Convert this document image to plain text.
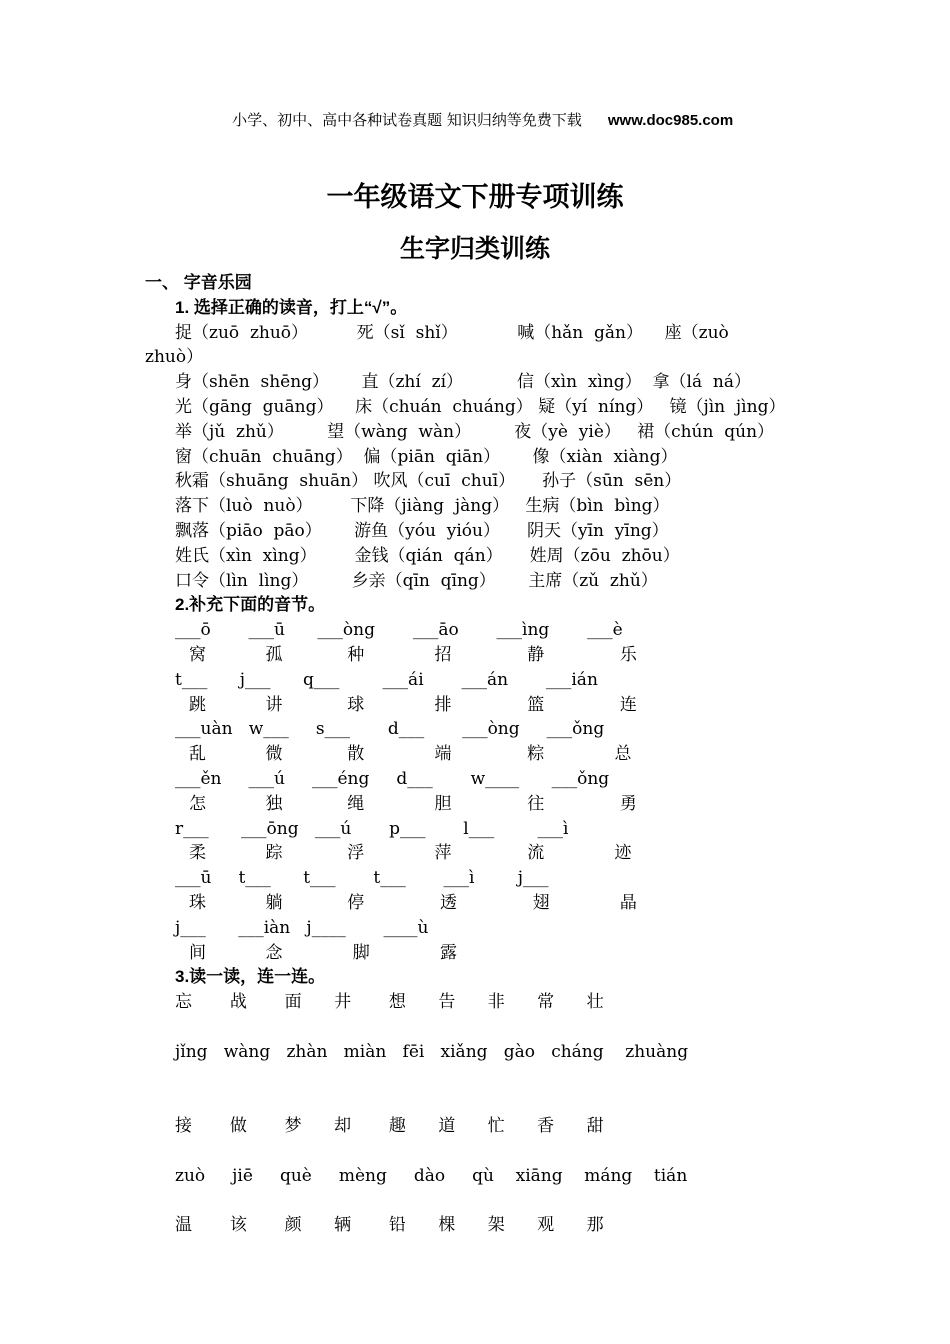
小学、初中、高中各种试卷真题 知识归纳等免费下载 www.doc985.com

一年级语文下册专项训练
生字归类训练
一、 字音乐园
1. 选择正确的读音，打上“√”。
捉（zuō  zhuō）         死（sǐ  shǐ）           喊（hǎn  gǎn）    座（zuò
zhuò）
身（shēn  shēng）      直（zhí  zí）          信（xìn  xìng）  拿（lá  ná）
光（gāng  guāng）    床（chuán  chuáng） 疑（yí  níng）   镜（jìn  jìng）
举（jǔ  zhǔ）        望（wàng  wàn）        夜（yè  yiè）   裙（chún  qún）
窗（chuān  chuāng）  偏（piān  qiān）      像（xiàn  xiàng）
秋霜（shuāng  shuān） 吹风（cuī  chuī）     孙子（sūn  sēn）
落下（luò  nuò）       下降（jiàng  jàng）   生病（bìn  bìng）
飘落（piāo  pāo）      游鱼（yóu  yióu）     阴天（yīn  yīng）
姓氏（xìn  xìng）       金钱（qián  qán）     姓周（zōu  zhōu）
口令（lìn  lìng）        乡亲（qīn  qīng）      主席（zǔ  zhǔ）
2.补充下面的音节。
___ō       ___ū      ___òng       ___āo       ___ìng       ___è
窝           孤            种             招              静              乐
t___      j___      q___        ___ái       ___án       ___ián
跳           讲            球             排              篮              连
___uàn   w___     s___       d___       ___òng     ___ǒng
乱           微            散             端              粽             总
___ěn     ___ú     ___éng     d___       w____      ___ǒng
怎           独            绳             胆              往              勇
r___      ___ōng   ___ú       p___       l___        ___ì
柔           踪            浮             萍              流             迹
___ū     t___      t___       t___       ___ì        j___
珠           躺            停              透              翅             晶
j___      ___iàn   j____       ____ù
间           念             脚             露
3.读一读，连一连。
忘       战       面      井       想      告      非      常      壮
jǐng   wàng   zhàn   miàn   fēi   xiǎng   gào   cháng    zhuàng
接       做       梦      却       趣      道      忙      香      甜
zuò     jiē     què     mèng     dào     qù    xiāng    máng    tián
温       该       颜      辆       铅      棵      架      观      那
